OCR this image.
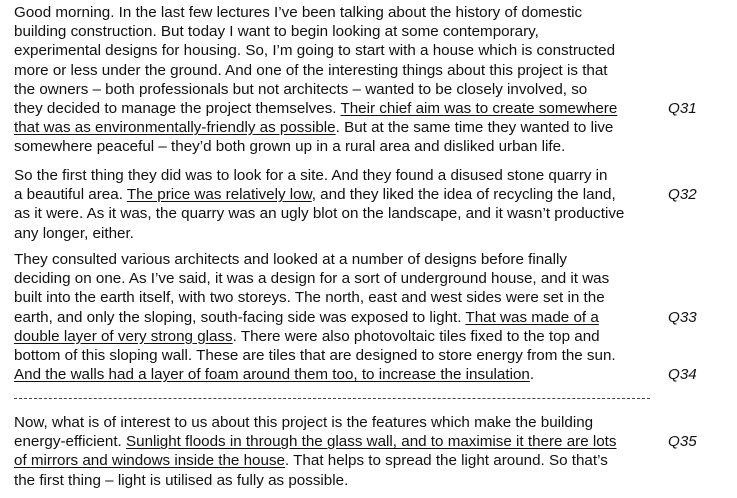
Good morning. In the last few lectures I’ve been talking about the history of domestic
building construction. But today I want to begin looking at some contemporary,
experimental designs for housing. So, I’m going to start with a house which is constructed
more or less under the ground. And one of the interesting things about this project is that
the owners – both professionals but not architects – wanted to be closely involved, so
they decided to manage the project themselves. Their chief aim was to create somewhere
that was as environmentally-friendly as possible. But at the same time they wanted to live
somewhere peaceful – they’d both grown up in a rural area and disliked urban life.
Q31
So the first thing they did was to look for a site. And they found a disused stone quarry in
a beautiful area. The price was relatively low, and they liked the idea of recycling the land,
as it were. As it was, the quarry was an ugly blot on the landscape, and it wasn’t productive
any longer, either.
Q32
They consulted various architects and looked at a number of designs before finally
deciding on one. As I’ve said, it was a design for a sort of underground house, and it was
built into the earth itself, with two storeys. The north, east and west sides were set in the
earth, and only the sloping, south-facing side was exposed to light. That was made of a
double layer of very strong glass. There were also photovoltaic tiles fixed to the top and
bottom of this sloping wall. These are tiles that are designed to store energy from the sun.
And the walls had a layer of foam around them too, to increase the insulation.
Q33
Q34
Now, what is of interest to us about this project is the features which make the building
energy-efficient. Sunlight floods in through the glass wall, and to maximise it there are lots
of mirrors and windows inside the house. That helps to spread the light around. So that’s
the first thing – light is utilised as fully as possible.
Q35
